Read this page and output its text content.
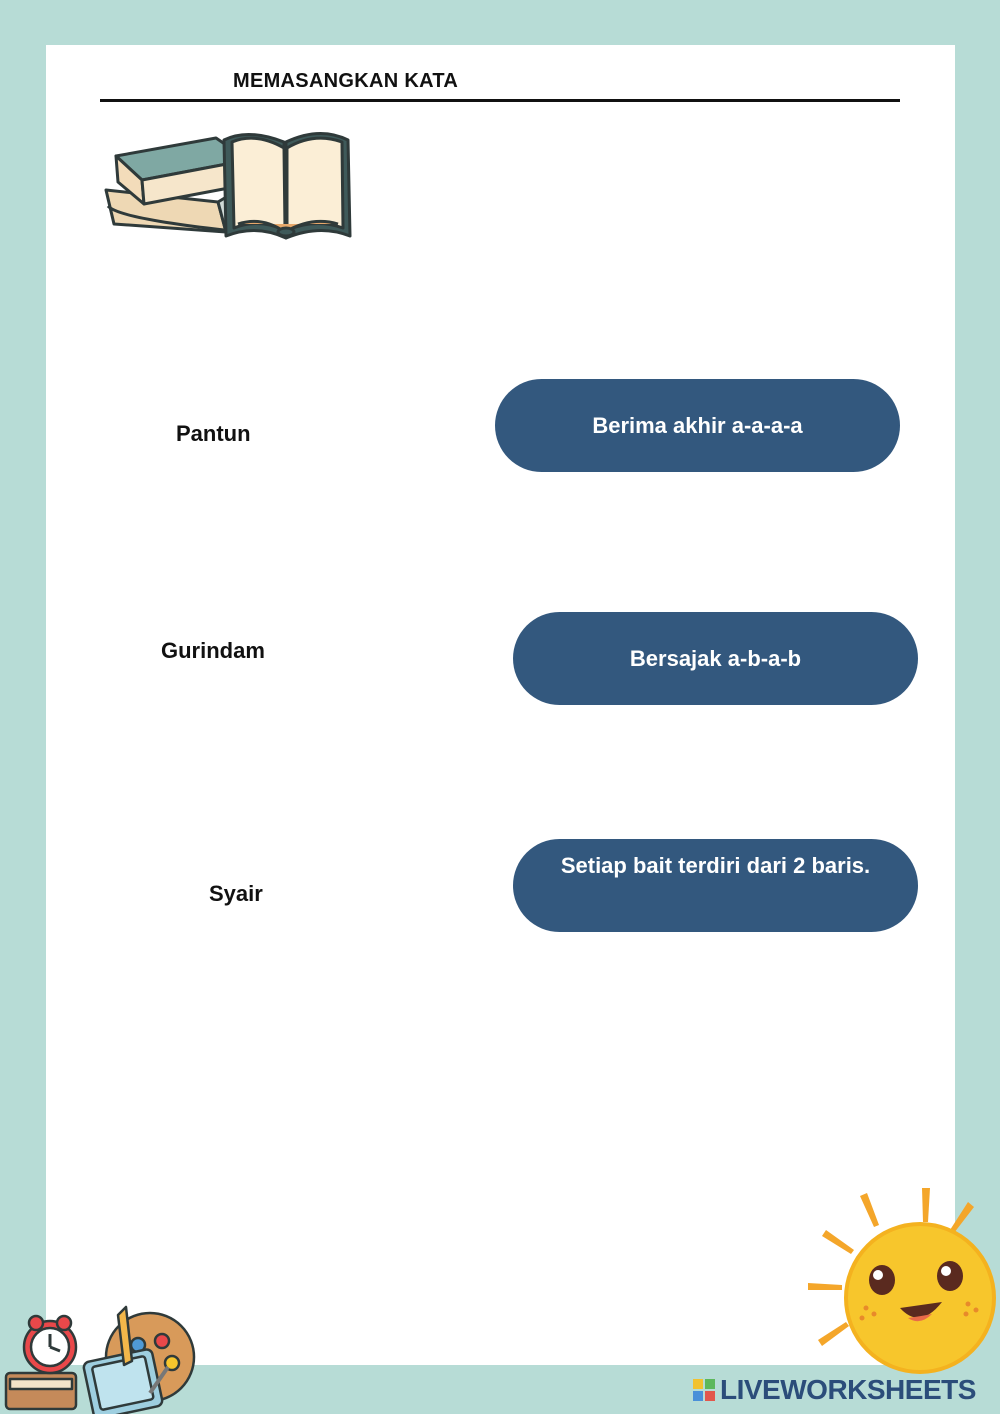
MEMASANGKAN KATA
Pantun
Gurindam
Syair
Berima akhir a-a-a-a
Bersajak a-b-a-b
Setiap bait terdiri dari 2 baris.
LIVEWORKSHEETS
